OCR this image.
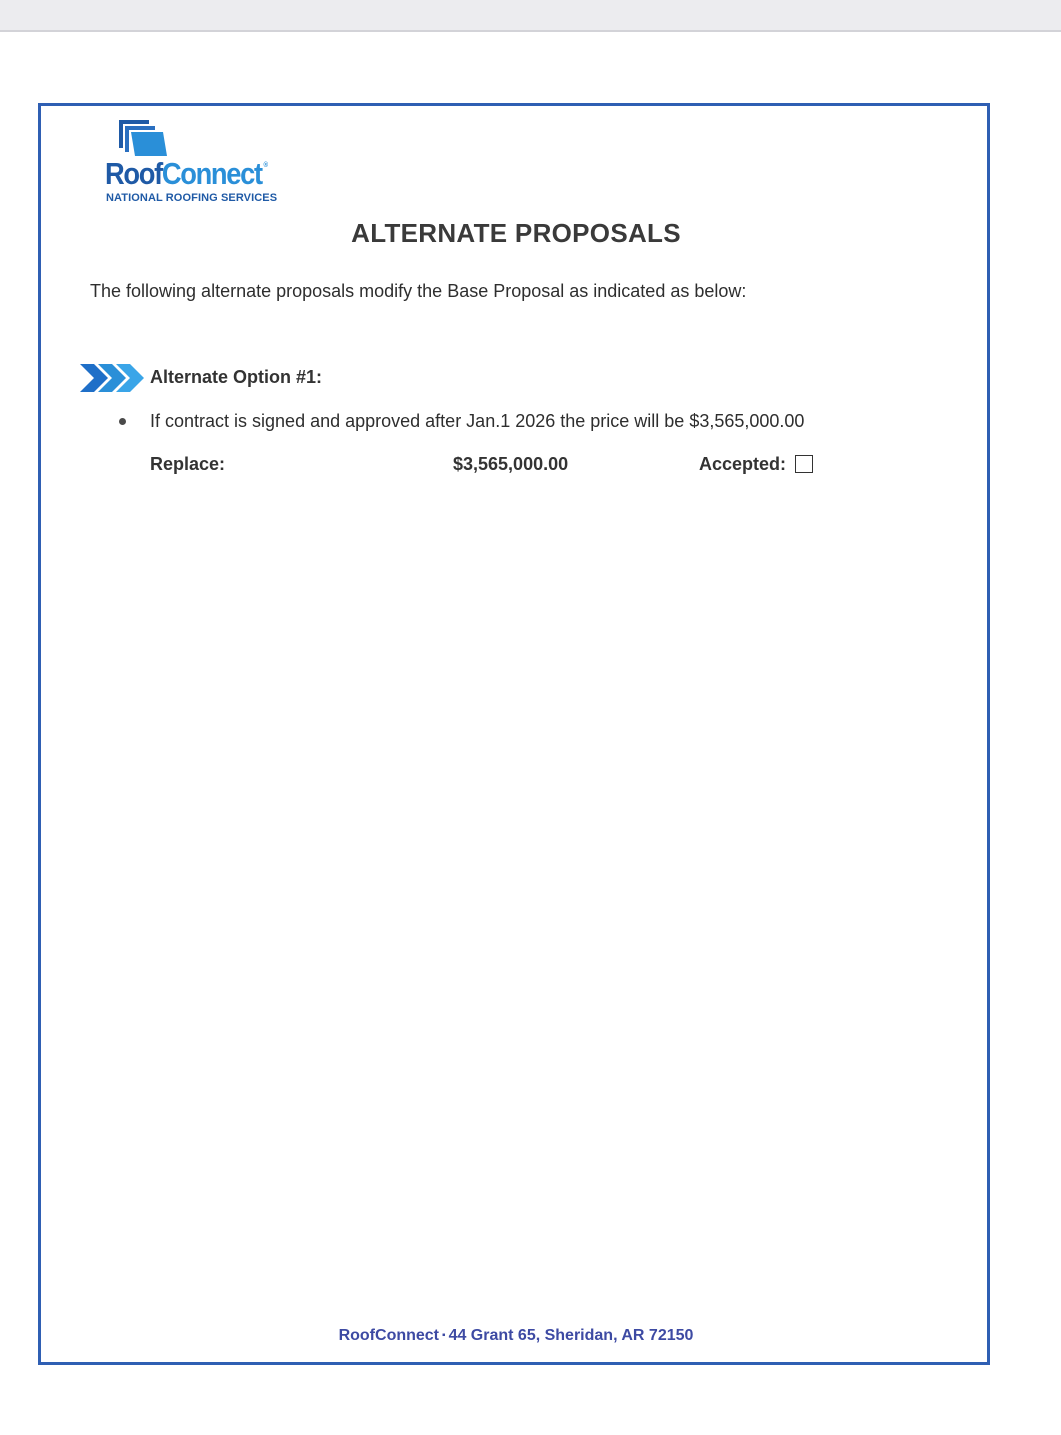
RoofConnect ®
NATIONAL ROOFING SERVICES
ALTERNATE PROPOSALS
The following alternate proposals modify the Base Proposal as indicated as below:
Alternate Option #1:
If contract is signed and approved after Jan.1 2026 the price will be $3,565,000.00
Replace:	$3,565,000.00	Accepted:
RoofConnect ▪ 44 Grant 65, Sheridan, AR 72150
